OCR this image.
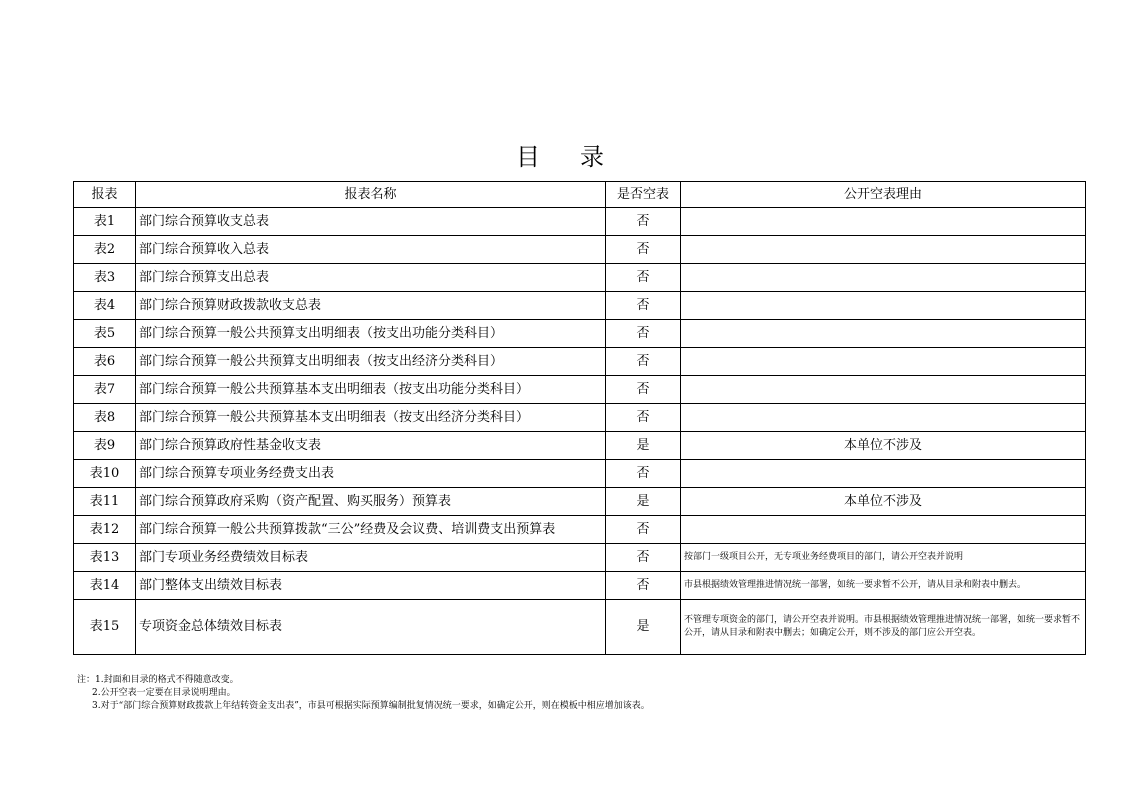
目录
报表	报表名称	是否空表	公开空表理由
表1	部门综合预算收支总表	否	
表2	部门综合预算收入总表	否	
表3	部门综合预算支出总表	否	
表4	部门综合预算财政拨款收支总表	否	
表5	部门综合预算一般公共预算支出明细表（按支出功能分类科目）	否	
表6	部门综合预算一般公共预算支出明细表（按支出经济分类科目）	否	
表7	部门综合预算一般公共预算基本支出明细表（按支出功能分类科目）	否	
表8	部门综合预算一般公共预算基本支出明细表（按支出经济分类科目）	否	
表9	部门综合预算政府性基金收支表	是	本单位不涉及
表10	部门综合预算专项业务经费支出表	否	
表11	部门综合预算政府采购（资产配置、购买服务）预算表	是	本单位不涉及
表12	部门综合预算一般公共预算拨款“三公”经费及会议费、培训费支出预算表	否	
表13	部门专项业务经费绩效目标表	否	按部门一级项目公开，无专项业务经费项目的部门，请公开空表并说明
表14	部门整体支出绩效目标表	否	市县根据绩效管理推进情况统一部署，如统一要求暂不公开，请从目录和附表中删去。
表15	专项资金总体绩效目标表	是	不管理专项资金的部门，请公开空表并说明。市县根据绩效管理推进情况统一部署，如统一要求暂不公开，请从目录和附表中删去；如确定公开，则不涉及的部门应公开空表。
注：1.封面和目录的格式不得随意改变。
2.公开空表一定要在目录说明理由。
3.对于“部门综合预算财政拨款上年结转资金支出表”，市县可根据实际预算编制批复情况统一要求，如确定公开，则在模板中相应增加该表。
